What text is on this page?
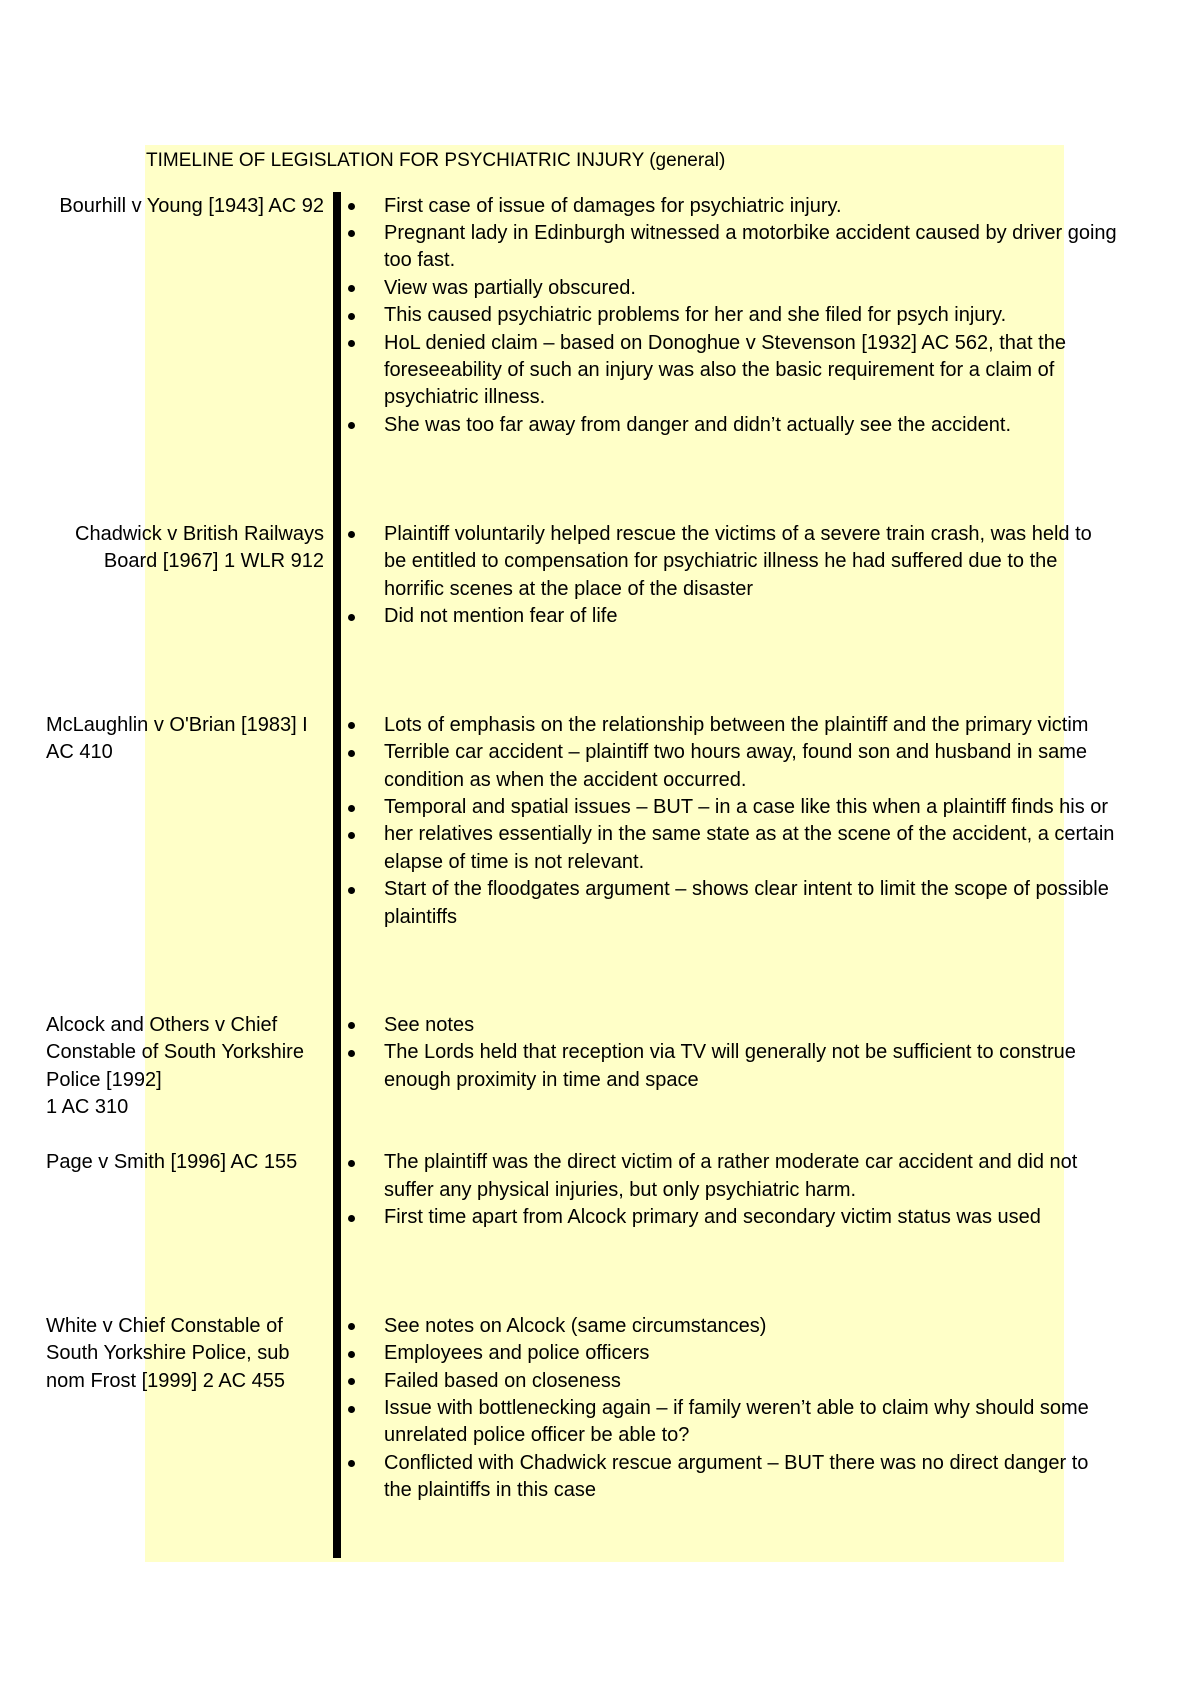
TIMELINE OF LEGISLATION FOR PSYCHIATRIC INJURY (general)
Bourhill v Young [1943] AC 92	First case of issue of damages for psychiatric injury.
Pregnant lady in Edinburgh witnessed a motorbike accident caused by driver going
too fast.
View was partially obscured.
This caused psychiatric problems for her and she filed for psych injury.
HoL denied claim – based on Donoghue v Stevenson [1932] AC 562, that the
foreseeability of such an injury was also the basic requirement for a claim of
psychiatric illness.
She was too far away from danger and didn’t actually see the accident.
Chadwick v British Railways
Board [1967] 1 WLR 912
Plaintiff voluntarily helped rescue the victims of a severe train crash, was held to
be entitled to compensation for psychiatric illness he had suffered due to the
horrific scenes at the place of the disaster
Did not mention fear of life
McLaughlin v O'Brian [1983] I
AC 410
Lots of emphasis on the relationship between the plaintiff and the primary victim
Terrible car accident – plaintiff two hours away, found son and husband in same
condition as when the accident occurred.
Temporal and spatial issues – BUT – in a case like this when a plaintiff finds his or
her relatives essentially in the same state as at the scene of the accident, a certain
elapse of time is not relevant.
Start of the floodgates argument – shows clear intent to limit the scope of possible
plaintiffs
Alcock and Others v Chief
Constable of South Yorkshire
Police [1992]
1 AC 310
See notes
The Lords held that reception via TV will generally not be sufficient to construe
enough proximity in time and space
Page v Smith [1996] AC 155	The plaintiff was the direct victim of a rather moderate car accident and did not
suffer any physical injuries, but only psychiatric harm.
First time apart from Alcock primary and secondary victim status was used
White v Chief Constable of
South Yorkshire Police, sub
nom Frost [1999] 2 AC 455
See notes on Alcock (same circumstances)
Employees and police officers
Failed based on closeness
Issue with bottlenecking again – if family weren’t able to claim why should some
unrelated police officer be able to?
Conflicted with Chadwick rescue argument – BUT there was no direct danger to
the plaintiffs in this case
